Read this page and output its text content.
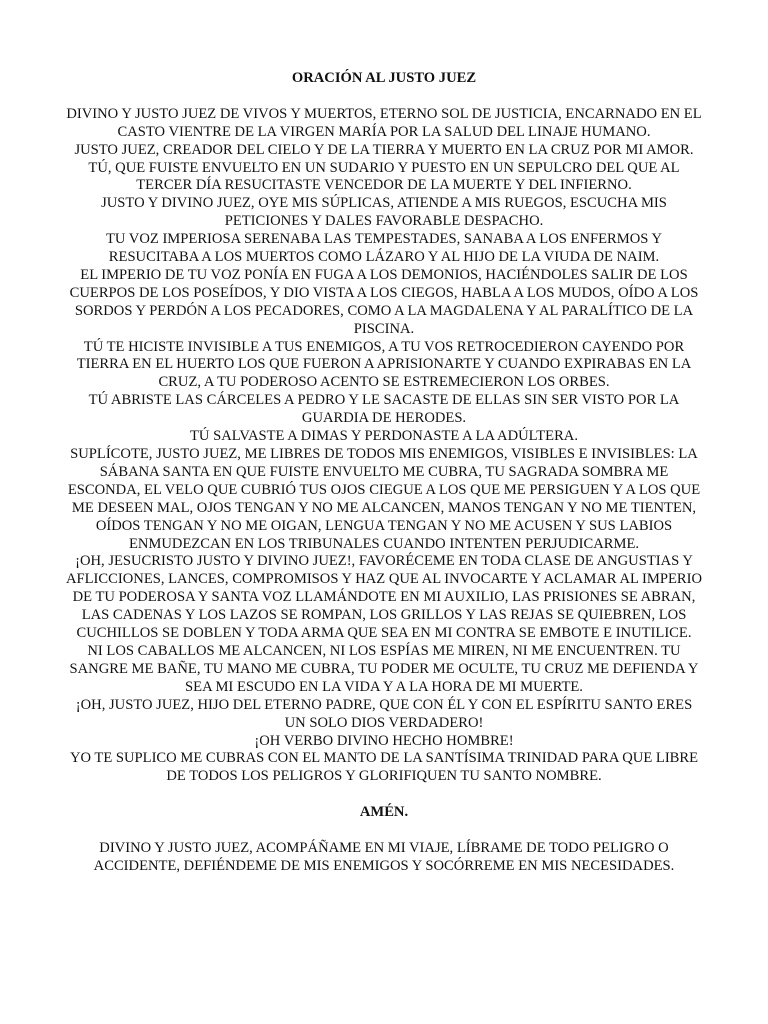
ORACIÓN AL JUSTO JUEZ

DIVINO Y JUSTO JUEZ DE VIVOS Y MUERTOS, ETERNO SOL DE JUSTICIA, ENCARNADO EN EL CASTO VIENTRE DE LA VIRGEN MARÍA POR LA SALUD DEL LINAJE HUMANO.

JUSTO JUEZ, CREADOR DEL CIELO Y DE LA TIERRA Y MUERTO EN LA CRUZ POR MI AMOR.

TÚ, QUE FUISTE ENVUELTO EN UN SUDARIO Y PUESTO EN UN SEPULCRO DEL QUE AL TERCER DÍA RESUCITASTE VENCEDOR DE LA MUERTE Y DEL INFIERNO.

JUSTO Y DIVINO JUEZ, OYE MIS SÚPLICAS, ATIENDE A MIS RUEGOS, ESCUCHA MIS PETICIONES Y DALES FAVORABLE DESPACHO.

TU VOZ IMPERIOSA SERENABA LAS TEMPESTADES, SANABA A LOS ENFERMOS Y RESUCITABA A LOS MUERTOS COMO LÁZARO Y AL HIJO DE LA VIUDA DE NAIM.

EL IMPERIO DE TU VOZ PONÍA EN FUGA A LOS DEMONIOS, HACIÉNDOLES SALIR DE LOS CUERPOS DE LOS POSEÍDOS, Y DIO VISTA A LOS CIEGOS, HABLA A LOS MUDOS, OÍDO A LOS SORDOS Y PERDÓN A LOS PECADORES, COMO A LA MAGDALENA Y AL PARALÍTICO DE LA PISCINA.

TÚ TE HICISTE INVISIBLE A TUS ENEMIGOS, A TU VOS RETROCEDIERON CAYENDO POR TIERRA EN EL HUERTO LOS QUE FUERON A APRISIONARTE Y CUANDO EXPIRABAS EN LA CRUZ, A TU PODEROSO ACENTO SE ESTREMECIERON LOS ORBES.

TÚ ABRISTE LAS CÁRCELES A PEDRO Y LE SACASTE DE ELLAS SIN SER VISTO POR LA GUARDIA DE HERODES.

TÚ SALVASTE A DIMAS Y PERDONASTE A LA ADÚLTERA.

SUPLÍCOTE, JUSTO JUEZ, ME LIBRES DE TODOS MIS ENEMIGOS, VISIBLES E INVISIBLES: LA SÁBANA SANTA EN QUE FUISTE ENVUELTO ME CUBRA, TU SAGRADA SOMBRA ME ESCONDA, EL VELO QUE CUBRIÓ TUS OJOS CIEGUE A LOS QUE ME PERSIGUEN Y A LOS QUE ME DESEEN MAL, OJOS TENGAN Y NO ME ALCANCEN, MANOS TENGAN Y NO ME TIENTEN, OÍDOS TENGAN Y NO ME OIGAN, LENGUA TENGAN Y NO ME ACUSEN Y SUS LABIOS ENMUDEZCAN EN LOS TRIBUNALES CUANDO INTENTEN PERJUDICARME.

¡OH, JESUCRISTO JUSTO Y DIVINO JUEZ!, FAVORÉCEME EN TODA CLASE DE ANGUSTIAS Y AFLICCIONES, LANCES, COMPROMISOS Y HAZ QUE AL INVOCARTE Y ACLAMAR AL IMPERIO DE TU PODEROSA Y SANTA VOZ LLAMÁNDOTE EN MI AUXILIO, LAS PRISIONES SE ABRAN, LAS CADENAS Y LOS LAZOS SE ROMPAN, LOS GRILLOS Y LAS REJAS SE QUIEBREN, LOS CUCHILLOS SE DOBLEN Y TODA ARMA QUE SEA EN MI CONTRA SE EMBOTE E INUTILICE.

NI LOS CABALLOS ME ALCANCEN, NI LOS ESPÍAS ME MIREN, NI ME ENCUENTREN. TU SANGRE ME BAÑE, TU MANO ME CUBRA, TU PODER ME OCULTE, TU CRUZ ME DEFIENDA Y SEA MI ESCUDO EN LA VIDA Y A LA HORA DE MI MUERTE.

¡OH, JUSTO JUEZ, HIJO DEL ETERNO PADRE, QUE CON ÉL Y CON EL ESPÍRITU SANTO ERES UN SOLO DIOS VERDADERO!

¡OH VERBO DIVINO HECHO HOMBRE!

YO TE SUPLICO ME CUBRAS CON EL MANTO DE LA SANTÍSIMA TRINIDAD PARA QUE LIBRE DE TODOS LOS PELIGROS Y GLORIFIQUEN TU SANTO NOMBRE.

AMÉN.

DIVINO Y JUSTO JUEZ, ACOMPÁÑAME EN MI VIAJE, LÍBRAME DE TODO PELIGRO O ACCIDENTE, DEFIÉNDEME DE MIS ENEMIGOS Y SOCÓRREME EN MIS NECESIDADES.
